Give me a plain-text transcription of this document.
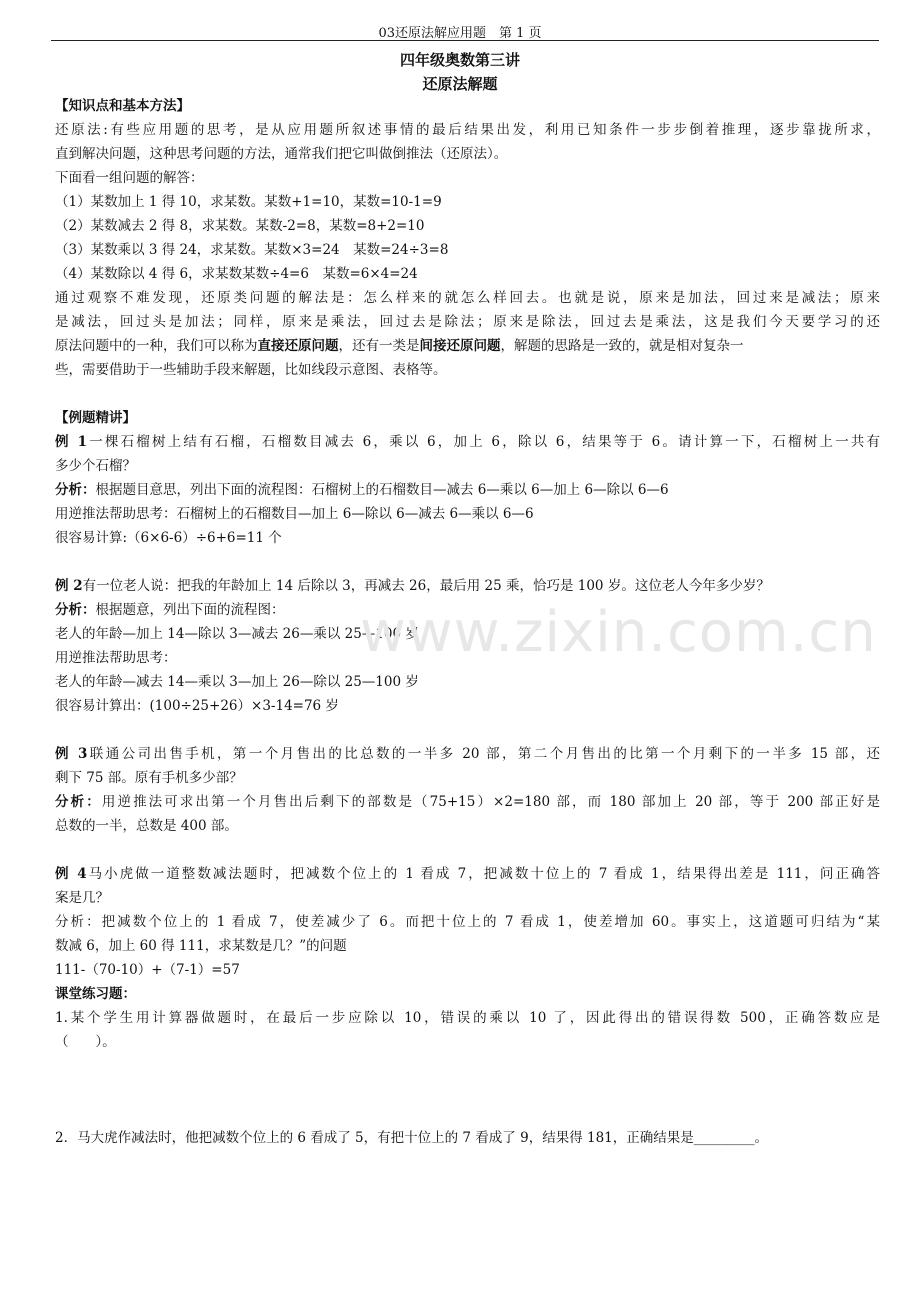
03还原法解应用题　第 1 页
四年级奥数第三讲
还原法解题
【知识点和基本方法】
还原法:有些应用题的思考，是从应用题所叙述事情的最后结果出发，利用已知条件一步步倒着推理，逐步靠拢所求，
直到解决问题，这种思考问题的方法，通常我们把它叫做倒推法（还原法）。
下面看一组问题的解答：
（1）某数加上 1 得 10，求某数。某数+1=10，某数=10-1=9
（2）某数减去 2 得 8，求某数。某数-2=8，某数=8+2=10
（3）某数乘以 3 得 24，求某数。某数×3=24　某数=24÷3=8
（4）某数除以 4 得 6，求某数某数÷4=6　某数=6×4=24
通过观察不难发现，还原类问题的解法是：怎么样来的就怎么样回去。也就是说，原来是加法，回过来是减法；原来
是减法，回过头是加法；同样，原来是乘法，回过去是除法；原来是除法，回过去是乘法，这是我们今天要学习的还
原法问题中的一种，我们可以称为直接还原问题，还有一类是间接还原问题，解题的思路是一致的，就是相对复杂一
些，需要借助于一些辅助手段来解题，比如线段示意图、表格等。
【例题精讲】
例 1一棵石榴树上结有石榴，石榴数目减去 6，乘以 6，加上 6，除以 6，结果等于 6。请计算一下，石榴树上一共有
多少个石榴？
分析：根据题目意思，列出下面的流程图：石榴树上的石榴数目—减去 6—乘以 6—加上 6—除以 6—6
用逆推法帮助思考：石榴树上的石榴数目—加上 6—除以 6—减去 6—乘以 6—6
很容易计算:（6×6-6）÷6+6=11 个
例 2有一位老人说：把我的年龄加上 14 后除以 3，再减去 26，最后用 25 乘，恰巧是 100 岁。这位老人今年多少岁？
分析：根据题意，列出下面的流程图：
老人的年龄—加上 14—除以 3—减去 26—乘以 25—100 岁
用逆推法帮助思考：
老人的年龄—减去 14—乘以 3—加上 26—除以 25—100 岁
很容易计算出：(100÷25+26）×3-14=76 岁
例 3联通公司出售手机，第一个月售出的比总数的一半多 20 部，第二个月售出的比第一个月剩下的一半多 15 部，还
剩下 75 部。原有手机多少部？
分析：用逆推法可求出第一个月售出后剩下的部数是（75+15）×2=180 部，而 180 部加上 20 部，等于 200 部正好是
总数的一半，总数是 400 部。
例 4马小虎做一道整数减法题时，把减数个位上的 1 看成 7，把减数十位上的 7 看成 1，结果得出差是 111，问正确答
案是几？
分析：把减数个位上的 1 看成 7，使差减少了 6。而把十位上的 7 看成 1，使差增加 60。事实上，这道题可归结为“某
数减 6，加上 60 得 111，求某数是几？”的问题
111-（70-10）+（7-1）=57
课堂练习题：
1.某个学生用计算器做题时，在最后一步应除以 10，错误的乘以 10 了，因此得出的错误得数 500，正确答数应是
（　　）。
2．马大虎作减法时，他把减数个位上的 6 看成了 5，有把十位上的 7 看成了 9，结果得 181，正确结果是_________。
www.zixin.com.cn
